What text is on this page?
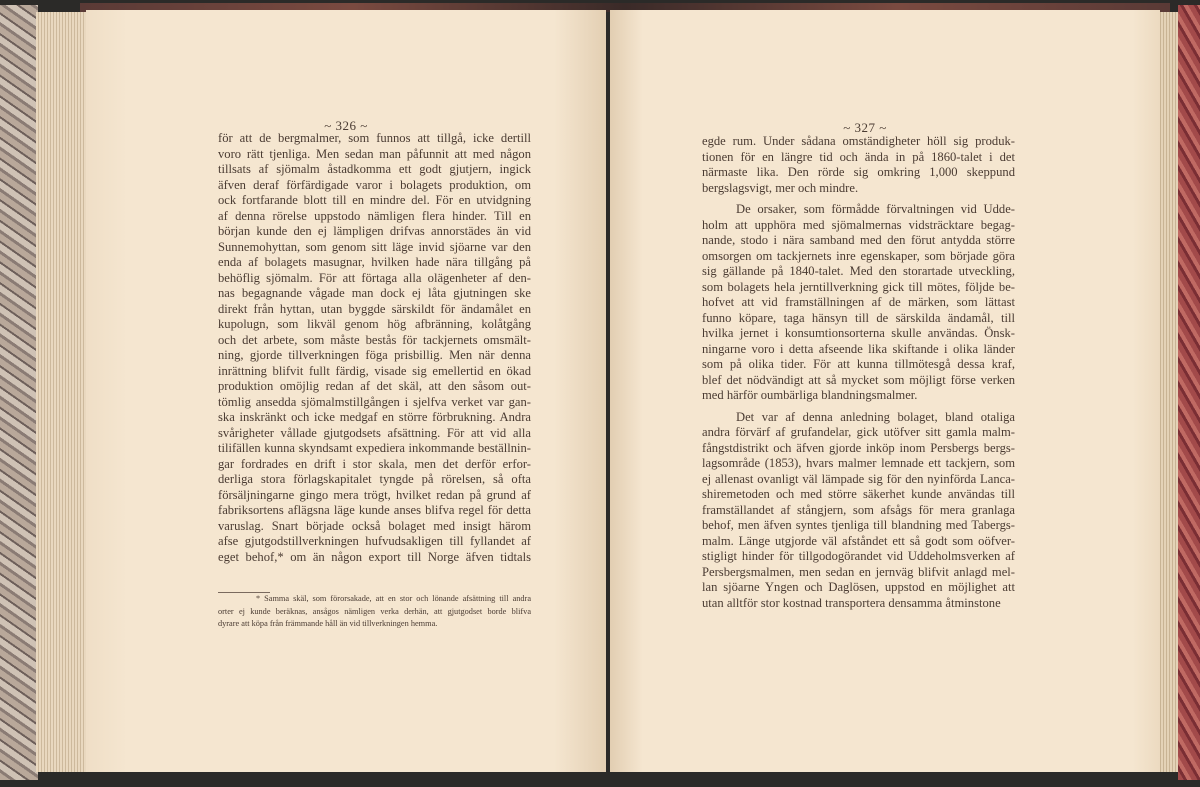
~ 326 ~
för att de bergmalmer, som funnos att tillgå, icke dertill
voro rätt tjenliga. Men sedan man påfunnit att med någon
tillsats af sjömalm åstadkomma ett godt gjutjern, ingick
äfven deraf förfärdigade varor i bolagets produktion, om
ock fortfarande blott till en mindre del. För en utvidgning
af denna rörelse uppstodo nämligen flera hinder. Till en
början kunde den ej lämpligen drifvas annorstädes än vid
Sunnemohyttan, som genom sitt läge invid sjöarne var den
enda af bolagets masugnar, hvilken hade nära tillgång på
behöflig sjömalm. För att förtaga alla olägenheter af den-
nas begagnande vågade man dock ej låta gjutningen ske
direkt från hyttan, utan byggde särskildt för ändamålet en
kupolugn, som likväl genom hög afbränning, kolåtgång
och det arbete, som måste bestås för tackjernets omsmält-
ning, gjorde tillverkningen föga prisbillig. Men när denna
inrättning blifvit fullt färdig, visade sig emellertid en ökad
produktion omöjlig redan af det skäl, att den såsom out-
tömlig ansedda sjömalmstillgången i sjelfva verket var gan-
ska inskränkt och icke medgaf en större förbrukning. Andra
svårigheter vållade gjutgodsets afsättning. För att vid alla
tilifällen kunna skyndsamt expediera inkommande beställnin-
gar fordrades en drift i stor skala, men det derför erfor-
derliga stora förlagskapitalet tyngde på rörelsen, så ofta
försäljningarne gingo mera trögt, hvilket redan på grund af
fabriksortens aflägsna läge kunde anses blifva regel för detta
varuslag. Snart började också bolaget med insigt härom
afse gjutgodstillverkningen hufvudsakligen till fyllandet af
eget behof,* om än någon export till Norge äfven tidtals
* Samma skäl, som förorsakade, att en stor och lönande afsättning till andra
orter ej kunde beräknas, ansågos nämligen verka derhän, att gjutgodset borde blifva
dyrare att köpa från främmande håll än vid tillverkningen hemma.
~ 327 ~
egde rum. Under sådana omständigheter höll sig produk-
tionen för en längre tid och ända in på 1860-talet i det
närmaste lika. Den rörde sig omkring 1,000 skeppund
bergslagsvigt, mer och mindre.
De orsaker, som förmådde förvaltningen vid Udde-
holm att upphöra med sjömalmernas vidsträcktare begag-
nande, stodo i nära samband med den förut antydda större
omsorgen om tackjernets inre egenskaper, som började göra
sig gällande på 1840-talet. Med den storartade utveckling,
som bolagets hela jerntillverkning gick till mötes, följde be-
hofvet att vid framställningen af de märken, som lättast
funno köpare, taga hänsyn till de särskilda ändamål, till
hvilka jernet i konsumtionsorterna skulle användas. Önsk-
ningarne voro i detta afseende lika skiftande i olika länder
som på olika tider. För att kunna tillmötesgå dessa kraf,
blef det nödvändigt att så mycket som möjligt förse verken
med härför oumbärliga blandningsmalmer.
Det var af denna anledning bolaget, bland otaliga
andra förvärf af grufandelar, gick utöfver sitt gamla malm-
fångstdistrikt och äfven gjorde inköp inom Persbergs bergs-
lagsområde (1853), hvars malmer lemnade ett tackjern, som
ej allenast ovanligt väl lämpade sig för den nyinförda Lanca-
shiremetoden och med större säkerhet kunde användas till
framställandet af stångjern, som afsågs för mera granlaga
behof, men äfven syntes tjenliga till blandning med Tabergs-
malm. Länge utgjorde väl afståndet ett så godt som oöfver-
stigligt hinder för tillgodogörandet vid Uddeholmsverken af
Persbergsmalmen, men sedan en jernväg blifvit anlagd mel-
lan sjöarne Yngen och Daglösen, uppstod en möjlighet att
utan alltför stor kostnad transportera densamma åtminstone
